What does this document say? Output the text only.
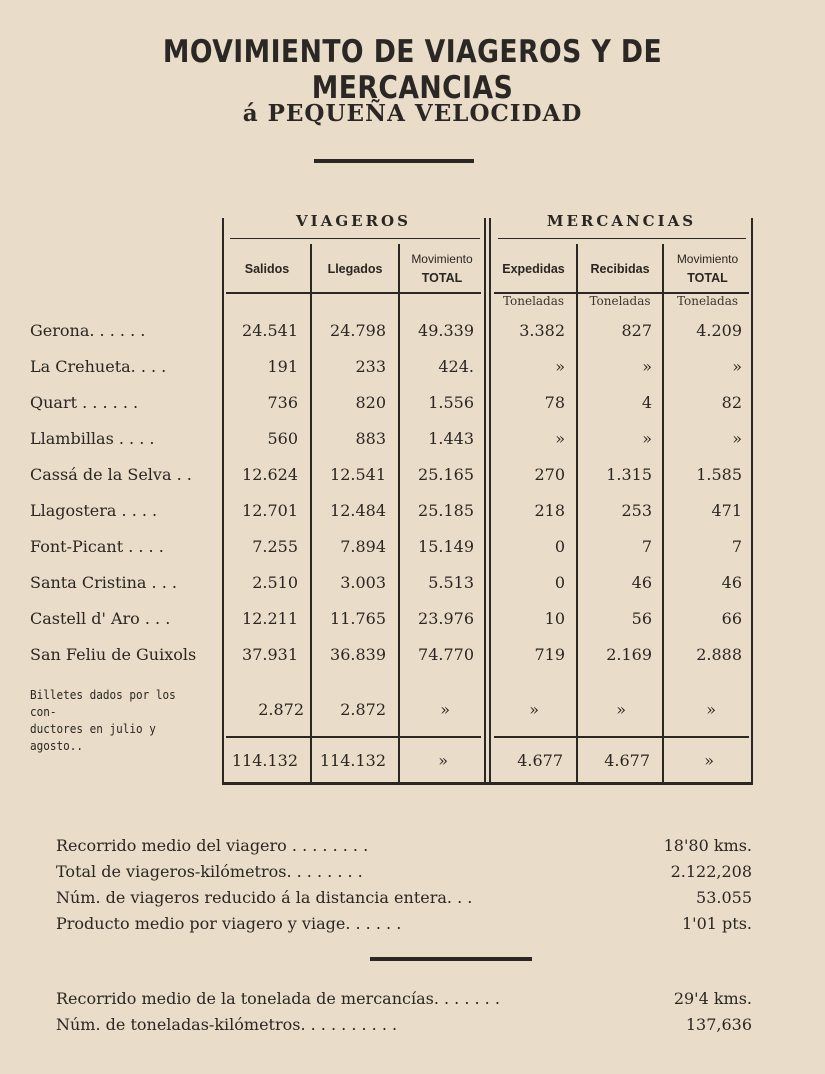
MOVIMIENTO DE VIAGEROS Y DE MERCANCIAS
á PEQUEÑA VELOCIDAD
VIAGEROS	MERCANCIAS
Salidos	Llegados
Movimiento
TOTAL
Expedidas Recibidas
Movimiento
TOTAL
Toneladas	Toneladas	Toneladas
Gerona. . . . . .	24.541	24.798	49.339	3.382	827	4.209
La Crehueta. . . .	191	233	424.	»	»	»
Quart . . . . . .	736	820	1.556	78	4	82
Llambillas . . . .	560	883	1.443	»	»	»
Cassá de la Selva . .	12.624	12.541	25.165	270	1.315	1.585
Llagostera . . . .	12.701	12.484	25.185	218	253	471
Font-Picant . . . .	7.255	7.894	15.149	0	7	7
Santa Cristina . . .	2.510	3.003	5.513	0	46	46
Castell d' Aro . . .	12.211	11.765	23.976	10	56	66
San Feliu de Guixols	37.931	36.839	74.770	719	2.169	2.888
Billetes dados por los con-
ductores en julio y agosto..
2.872	2.872	»	»	»	»
114.132	114.132	»	4.677	4.677	»
Recorrido medio del viagero . . . . . . . .	18'80 kms.
Total de viageros-kilómetros. . . . . . . .	2.122,208
Núm. de viageros reducido á la distancia entera. . .	53.055
Producto medio por viagero y viage. . . . . .	1'01 pts.
Recorrido medio de la tonelada de mercancías. . . . . . .	29'4 kms.
Núm. de toneladas-kilómetros. . . . . . . . . .	137,636
